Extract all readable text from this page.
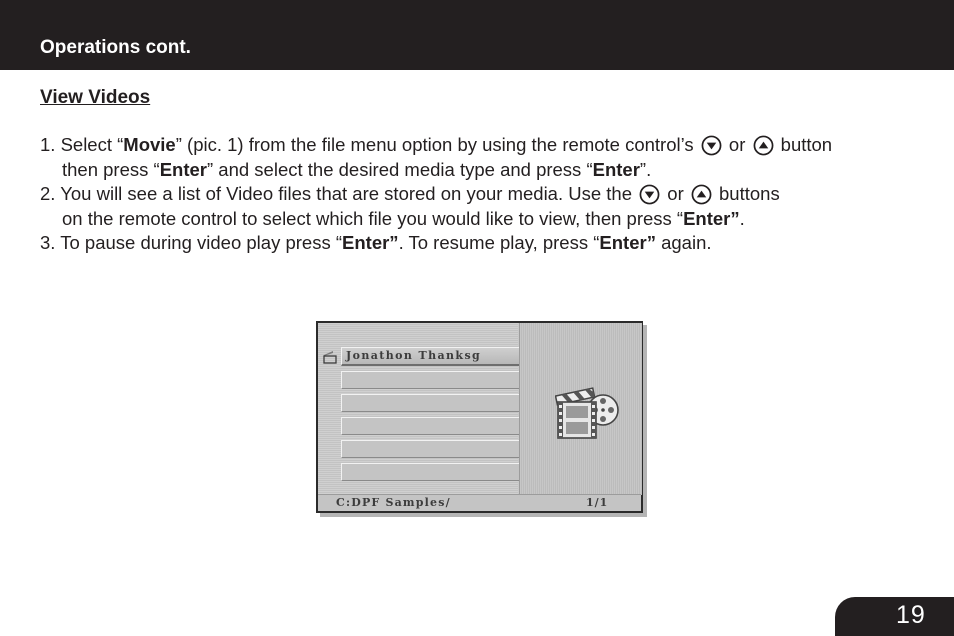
Operations cont.
View Videos
1. Select “Movie” (pic. 1) from the file menu option by using the remote control’s  or  button
then press “Enter” and select the desired media type and press “Enter”.
2. You will see a list of Video files that are stored on your media. Use the  or  buttons
on the remote control to select which file you would like to view, then press “Enter”.
3. To pause during video play press “Enter”. To resume play, press “Enter” again.
Jonathon Thanksg
C:DPF Samples/	1/1
19
